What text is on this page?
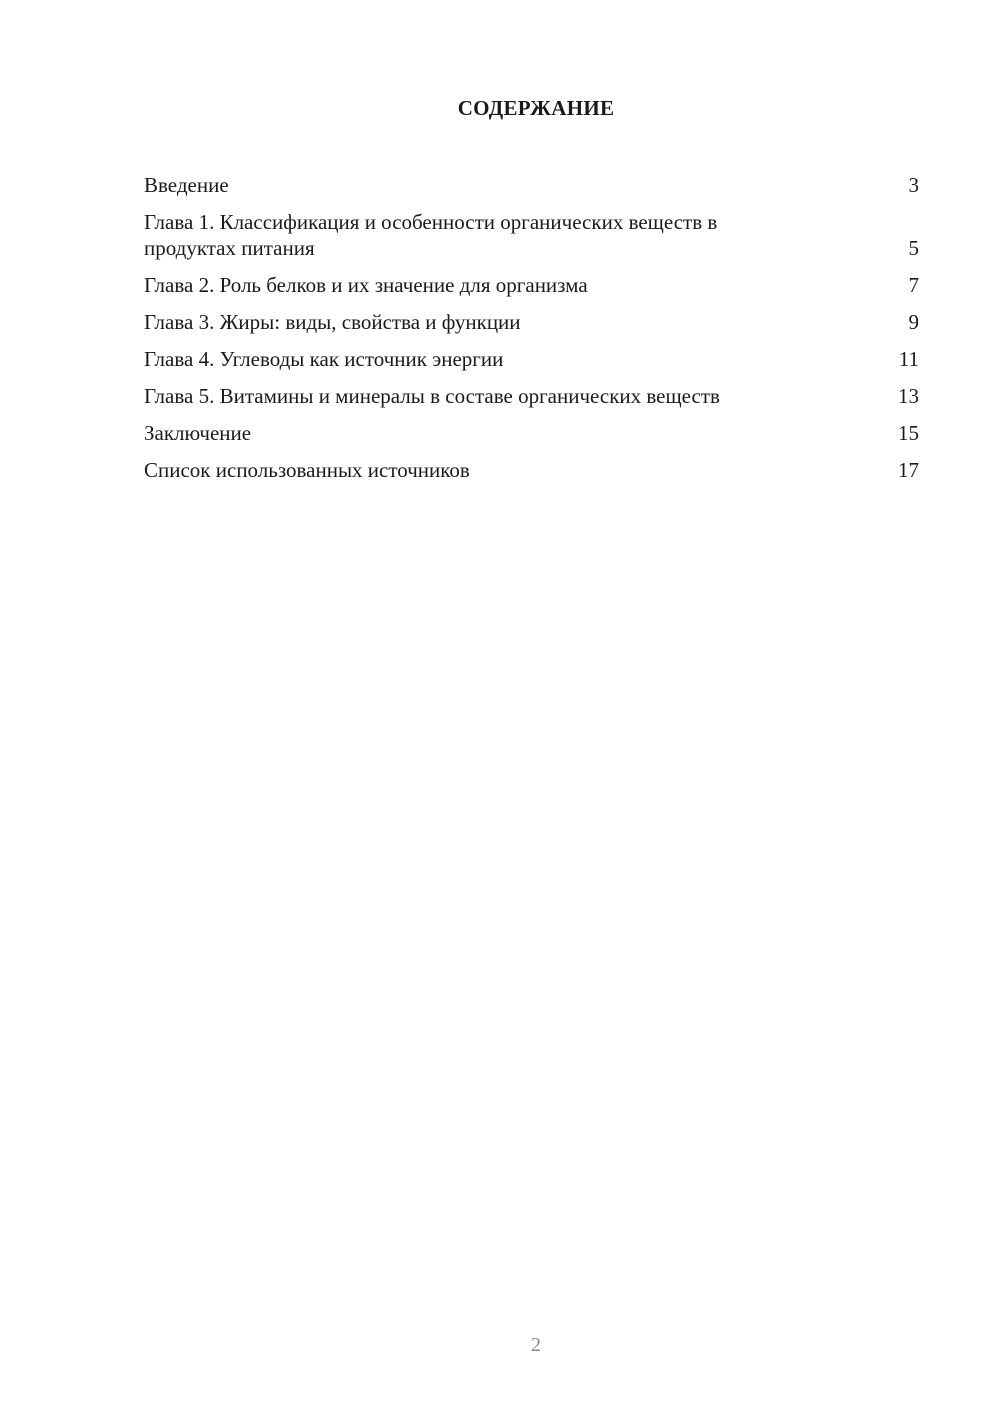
СОДЕРЖАНИЕ
Введение	3
Глава 1. Классификация и особенности органических веществ в
продуктах питания	5
Глава 2. Роль белков и их значение для организма	7
Глава 3. Жиры: виды, свойства и функции	9
Глава 4. Углеводы как источник энергии	11
Глава 5. Витамины и минералы в составе органических веществ	13
Заключение	15
Список использованных источников	17
2
